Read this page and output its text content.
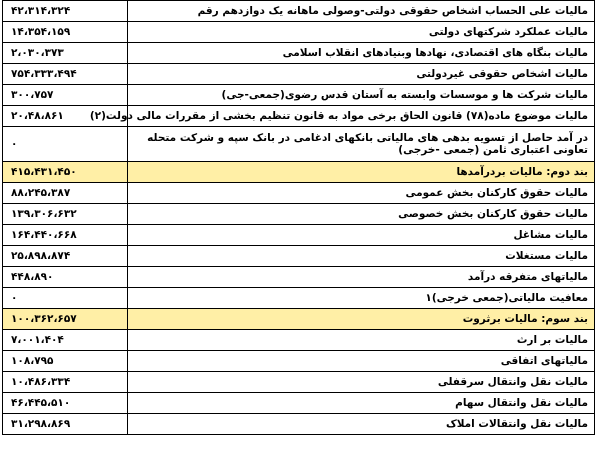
مالیات علی الحساب اشخاص حقوقی دولتی-وصولی ماهانه یک دوازدهم رقم	۴۲،۳۱۴،۳۲۴
مالیات عملکرد شرکتهای دولتی	۱۴،۳۵۴،۱۵۹
مالیات بنگاه های اقتصادی، نهادها وبنیادهای انقلاب اسلامی	۲،۰۳۰،۳۷۳
مالیات اشخاص حقوقی غیردولتی	۷۵۴،۳۳۳،۴۹۴
مالیات شرکت ها و موسسات وابسته به آستان قدس رضوی(جمعی-جی)	۳۰۰،۷۵۷
مالیات موضوع ماده(۷۸) قانون الحاق برخی مواد به قانون تنظیم بخشی از مقررات مالی دولت(۲)	۲۰،۴۸،۸۶۱
در آمد حاصل از تسویه بدهی های مالیاتی بانکهای ادغامی در بانک سپه و شرکت متحله تعاونی اعتباری ثامن (جمعی -خرجی)	۰
بند دوم: مالیات بردرآمدها	۴۱۵،۴۳۱،۴۵۰
مالیات حقوق کارکنان بخش عمومی	۸۸،۲۴۵،۳۸۷
مالیات حقوق کارکنان بخش خصوصی	۱۳۹،۳۰۶،۶۳۲
مالیات مشاغل	۱۶۴،۴۴۰،۶۶۸
مالیات مستغلات	۲۵،۸۹۸،۸۷۴
مالیاتهای متفرقه درآمد	۴۴۸،۸۹۰
معافیت مالیاتی(جمعی خرجی)۱	۰
بند سوم: مالیات برثروت	۱۰۰،۳۶۲،۶۵۷
مالیات بر ارث	۷،۰۰۱،۴۰۴
مالیاتهای اتفاقی	۱۰۸،۷۹۵
مالیات نقل وانتقال سرقفلی	۱۰،۴۸۶،۳۳۴
مالیات نقل وانتقال سهام	۴۶،۴۴۵،۵۱۰
مالیات نقل وانتقالات املاک	۳۱،۲۹۸،۸۶۹
